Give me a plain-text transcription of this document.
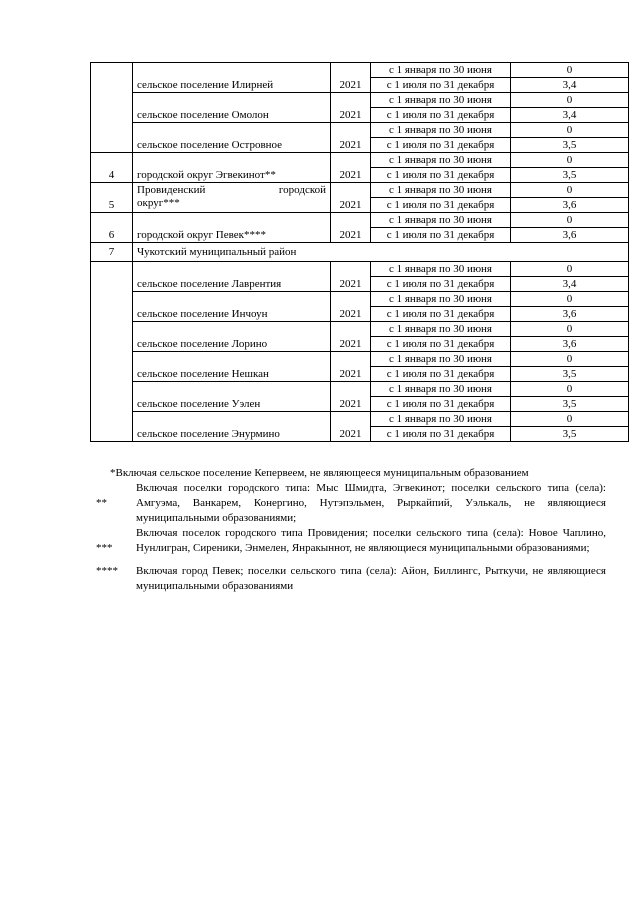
	сельское поселение Илирней	2021	с 1 января по 30 июня	0
			с 1 июля по 31 декабря	3,4
	сельское поселение Омолон	2021	с 1 января по 30 июня	0
			с 1 июля по 31 декабря	3,4
	сельское поселение Островное	2021	с 1 января по 30 июня	0
			с 1 июля по 31 декабря	3,5
4	городской округ Эгвекинот**	2021	с 1 января по 30 июня	0
			с 1 июля по 31 декабря	3,5
5	Провиденский городской
округ***	2021	с 1 января по 30 июня	0
			с 1 июля по 31 декабря	3,6
6	городской округ Певек****	2021	с 1 января по 30 июня	0
			с 1 июля по 31 декабря	3,6
7	Чукотский муниципальный район			
	сельское поселение Лаврентия	2021	с 1 января по 30 июня	0
			с 1 июля по 31 декабря	3,4
	сельское поселение Инчоун	2021	с 1 января по 30 июня	0
			с 1 июля по 31 декабря	3,6
	сельское поселение Лорино	2021	с 1 января по 30 июня	0
			с 1 июля по 31 декабря	3,6
	сельское поселение Нешкан	2021	с 1 января по 30 июня	0
			с 1 июля по 31 декабря	3,5
	сельское поселение Уэлен	2021	с 1 января по 30 июня	0
			с 1 июля по 31 декабря	3,5
	сельское поселение Энурмино	2021	с 1 января по 30 июня	0
			с 1 июля по 31 декабря	3,5
*Включая сельское поселение Кепервеем, не являющееся муниципальным образованием
**
Включая поселки городского типа: Мыс Шмидта, Эгвекинот; поселки сельского типа (села): Амгуэма, Ванкарем, Конергино, Нутэпэльмен, Рыркайпий, Уэлькаль, не являющиеся муниципальными образованиями;
***
Включая поселок городского типа Провидения; поселки сельского типа (села): Новое Чаплино, Нунлигран, Сиреники, Энмелен, Янракыннот, не являющиеся муниципальными образованиями;
****	Включая город Певек; поселки сельского типа (села): Айон, Биллингс, Рыткучи, не являющиеся муниципальными образованиями
